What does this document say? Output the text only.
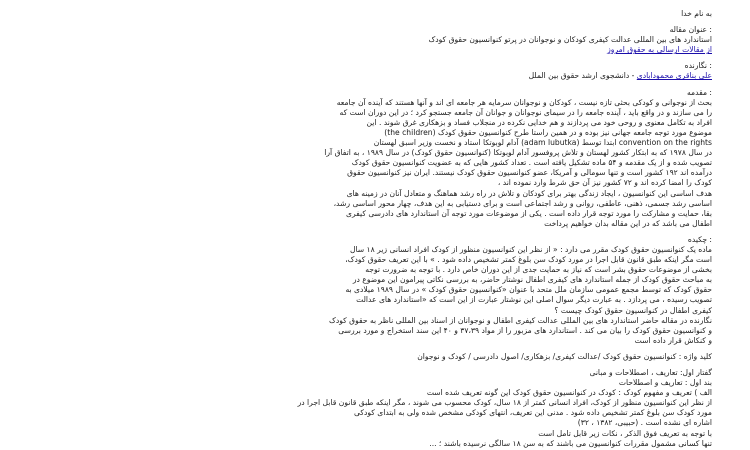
به نام خدا
: عنوان مقاله
استاندارد های بین المللی عدالت کیفری کودکان و نوجوانان در پرتو کنوانسیون حقوق کودک
از مقالات ارسالی به حقوق امروز
: نگارنده
علی بناقری محمودابادی - دانشجوی ارشد حقوق بین الملل
: مقدمه
بحث از نوجوانی و کودکی بحثی تازه نیست ، کودکان و نوجوانان سرمایه هر جامعه ای اند و آنها هستند که آینده آن جامعه
را می سازند و در واقع باید ، آینده جامعه را در سیمای نوجوانان و جوانان آن جامعه جستجو کرد ؛ در این دوران است که
افراد به تکامل معنوی و روحی خود می پردازند و هم خدایی نکرده در منجلاب فساد و بزهکاری غرق شوند . این
موضوع مورد توجه جامعه جهانی نیز بوده و در همین راستا طرح کنوانسیون حقوق کودک (the children)
convention on the rights ابتدا توسط (adam lubutka) آدام لوبوتکا استاد و نخست وزیر اسبق لهستان
در سال ۱۹۷۸ که به ابتکار کشور لهستان و تلاش پروفسور آدام لوبوتکا (کنوانسیون حقوق کودک) در سال ۱۹۸۹ ، به اتفاق آرا
تصویب شده و از یک مقدمه و ۵۴ ماده تشکیل یافته است . تعداد کشور هایی که به عضویت کنوانسیون حقوق کودک
درآمده اند ۱۹۲ کشور است و تنها سومالی و آمریکا، عضو کنوانسیون حقوق کودک نیستند. ایران نیز کنوانسیون حقوق
کودک را امضا کرده اند و ۷۲ کشور نیز آن حق شرط وارد نموده اند ،
هدف اساسی این کنوانسیون ، ایجاد زندگی بهتر برای کودکان و تلاش در راه رشد هماهنگ و متعادل آنان در زمینه های
اساسی رشد جسمی، ذهنی، عاطفی، روانی و رشد اجتماعی است و برای دستیابی به این هدف، چهار محور اساسی رشد،
بقا، حمایت و مشارکت را مورد توجه قرار داده است . یکی از موضوعات مورد توجه آن استاندارد های دادرسی کیفری
اطفال می باشد که در این مقاله بدان خواهیم پرداخت
: چکیده
ماده یک کنوانسیون حقوق کودک مقرر می دارد : « از نظر این کنوانسیون منظور از کودک افراد انسانی زیر ۱۸ سال
است مگر اینکه طبق قانون قابل اجرا در مورد کودک سن بلوغ کمتر تشخیص داده شود . » با این تعریف حقوق کودک،
بخشی از موضوعات حقوق بشر است که نیاز به حمایت جدی از این دوران خاص دارد . با توجه به ضرورت توجه
به مباحث حقوق کودک از جمله استاندارد های کیفری اطفال نوشتار حاضر، به بررسی نکاتی پیرامون این موضوع در
حقوق کودک که توسط مجمع عمومی سازمان ملل متحد با عنوان «کنوانسیون حقوق کودک » در سال ۱۹۸۹ میلادی به
تصویب رسیده ، می پردازد . به عبارت دیگر سوال اصلی این نوشتار عبارت از این است که «استاندارد های عدالت
کیفری اطفال در کنوانسیون حقوق کودک چیست ؟
نگارنده در مقاله حاضر استاندارد های بین المللی عدالت کیفری اطفال و نوجوانان از اسناد بین المللی ناظر به حقوق کودک
و کنوانسیون حقوق کودک را بیان می کند . استاندارد های مزبور را از مواد ۳۷،۳۹ و ۴۰ این سند استخراج و مورد بررسی
و کنکاش قرار داده است
کلید واژه : کنوانسیون حقوق کودک /عدالت کیفری/ بزهکاری/ اصول دادرسی / کودک و نوجوان
گفتار اول: تعاریف ، اصطلاحات و مبانی
بند اول : تعاریف و اصطلاحات
الف ) تعریف و مفهوم کودک : کودک در کنوانسیون حقوق کودک این گونه تعریف شده است
از نظر این کنوانسیون منظور از کودک، افراد انسانی کمتر از ۱۸ سال، کودک محسوب می شوند ، مگر اینکه طبق قانون قابل اجرا در
مورد کودک سن بلوغ کمتر تشخیص داده شود . مدنی این تعریف، انتهای کودکی مشخص شده ولی به ابتدای کودکی
اشاره ای نشده است . (حبیبی، ۱۳۸۲ ، ۳۲)
با توجه به تعریف فوق الذکر ، نکات زیر قابل تامل است
تنها کسانی مشمول مقررات کنوانسیون می باشند که به سن ۱۸ سالگی نرسیده باشند ؛ ...
